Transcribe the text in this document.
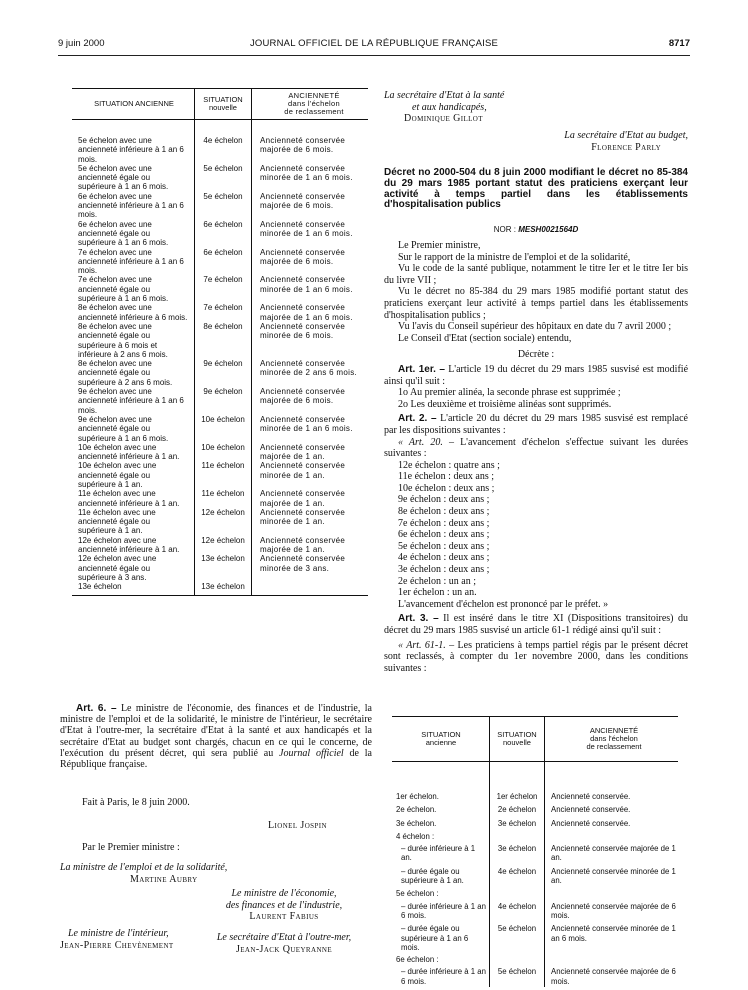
9 juin 2000	JOURNAL OFFICIEL DE LA RÉPUBLIQUE FRANÇAISE	8717
SITUATION ANCIENNE	SITUATION
nouvelle	ANCIENNETÉ
dans l'échelon
de reclassement
5e échelon avec une ancienneté inférieure à 1 an 6 mois.	4e échelon	Ancienneté conservée majorée de 6 mois.
5e échelon avec une ancienneté égale ou supérieure à 1 an 6 mois.	5e échelon	Ancienneté conservée minorée de 1 an 6 mois.
6e échelon avec une ancienneté inférieure à 1 an 6 mois.	5e échelon	Ancienneté conservée majorée de 6 mois.
6e échelon avec une ancienneté égale ou supérieure à 1 an 6 mois.	6e échelon	Ancienneté conservée minorée de 1 an 6 mois.
7e échelon avec une ancienneté inférieure à 1 an 6 mois.	6e échelon	Ancienneté conservée majorée de 6 mois.
7e échelon avec une ancienneté égale ou supérieure à 1 an 6 mois.	7e échelon	Ancienneté conservée minorée de 1 an 6 mois.
8e échelon avec une ancienneté inférieure à 6 mois.	7e échelon	Ancienneté conservée majorée de 1 an 6 mois.
8e échelon avec une ancienneté égale ou supérieure à 6 mois et inférieure à 2 ans 6 mois.	8e échelon	Ancienneté conservée minorée de 6 mois.
8e échelon avec une ancienneté égale ou supérieure à 2 ans 6 mois.	9e échelon	Ancienneté conservée minorée de 2 ans 6 mois.
9e échelon avec une ancienneté inférieure à 1 an 6 mois.	9e échelon	Ancienneté conservée majorée de 6 mois.
9e échelon avec une ancienneté égale ou supérieure à 1 an 6 mois.	10e échelon	Ancienneté conservée minorée de 1 an 6 mois.
10e échelon avec une ancienneté inférieure à 1 an.	10e échelon	Ancienneté conservée majorée de 1 an.
10e échelon avec une ancienneté égale ou supérieure à 1 an.	11e échelon	Ancienneté conservée minorée de 1 an.
11e échelon avec une ancienneté inférieure à 1 an.	11e échelon	Ancienneté conservée majorée de 1 an.
11e échelon avec une ancienneté égale ou supérieure à 1 an.	12e échelon	Ancienneté conservée minorée de 1 an.
12e échelon avec une ancienneté inférieure à 1 an.	12e échelon	Ancienneté conservée majorée de 1 an.
12e échelon avec une ancienneté égale ou supérieure à 3 ans.	13e échelon	Ancienneté conservée minorée de 3 ans.
13e échelon	13e échelon	
Art. 6. – Le ministre de l'économie, des finances et de l'industrie, la ministre de l'emploi et de la solidarité, le ministre de l'intérieur, le secrétaire d'Etat à l'outre-mer, la secrétaire d'Etat à la santé et aux handicapés et la secrétaire d'Etat au budget sont chargés, chacun en ce qui le concerne, de l'exécution du présent décret, qui sera publié au Journal officiel de la République française.
Fait à Paris, le 8 juin 2000.
Lionel Jospin
Par le Premier ministre :
La ministre de l'emploi et de la solidarité,
Martine Aubry
Le ministre de l'économie,
des finances et de l'industrie,
Laurent Fabius
Le ministre de l'intérieur,
Jean-Pierre Chevènement
Le secrétaire d'Etat à l'outre-mer,
Jean-Jack Queyranne
La secrétaire d'Etat à la santé
et aux handicapés,
Dominique Gillot
La secrétaire d'Etat au budget,
Florence Parly
Décret no 2000-504 du 8 juin 2000 modifiant le décret no 85-384 du 29 mars 1985 portant statut des praticiens exerçant leur activité à temps partiel dans les établissements d'hospitalisation publics
NOR : MESH0021564D

Le Premier ministre,

Sur le rapport de la ministre de l'emploi et de la solidarité,

Vu le code de la santé publique, notamment le titre Ier et le titre Ier bis du livre VII ;

Vu le décret no 85-384 du 29 mars 1985 modifié portant statut des praticiens exerçant leur activité à temps partiel dans les établissements d'hospitalisation publics ;

Vu l'avis du Conseil supérieur des hôpitaux en date du 7 avril 2000 ;

Le Conseil d'Etat (section sociale) entendu,

Décrète :

Art. 1er. – L'article 19 du décret du 29 mars 1985 susvisé est modifié ainsi qu'il suit :

1o Au premier alinéa, la seconde phrase est supprimée ;

2o Les deuxième et troisième alinéas sont supprimés.

Art. 2. – L'article 20 du décret du 29 mars 1985 susvisé est remplacé par les dispositions suivantes :

« Art. 20. – L'avancement d'échelon s'effectue suivant les durées suivantes :

12e échelon : quatre ans ;

11e échelon : deux ans ;

10e échelon : deux ans ;

9e échelon : deux ans ;

8e échelon : deux ans ;

7e échelon : deux ans ;

6e échelon : deux ans ;

5e échelon : deux ans ;

4e échelon : deux ans ;

3e échelon : deux ans ;

2e échelon : un an ;

1er échelon : un an.

L'avancement d'échelon est prononcé par le préfet. »

Art. 3. – Il est inséré dans le titre XI (Dispositions transitoires) du décret du 29 mars 1985 susvisé un article 61-1 rédigé ainsi qu'il suit :

« Art. 61-1. – Les praticiens à temps partiel régis par le présent décret sont reclassés, à compter du 1er novembre 2000, dans les conditions suivantes :

SITUATION
ancienne	SITUATION
nouvelle	ANCIENNETÉ
dans l'échelon
de reclassement
1er échelon.	1er échelon	Ancienneté conservée.
2e échelon.	2e échelon	Ancienneté conservée.
3e échelon.	3e échelon	Ancienneté conservée.
4 échelon :		

– durée inférieure à 1 an.	3e échelon	Ancienneté conservée majorée de 1 an.

– durée égale ou supérieure à 1 an.	4e échelon	Ancienneté conservée minorée de 1 an.
5e échelon :		

– durée inférieure à 1 an 6 mois.	4e échelon	Ancienneté conservée majorée de 6 mois.

– durée égale ou supérieure à 1 an 6 mois.	5e échelon	Ancienneté conservée minorée de 1 an 6 mois.
6e échelon :		

– durée inférieure à 1 an 6 mois.	5e échelon	Ancienneté conservée majorée de 6 mois.
